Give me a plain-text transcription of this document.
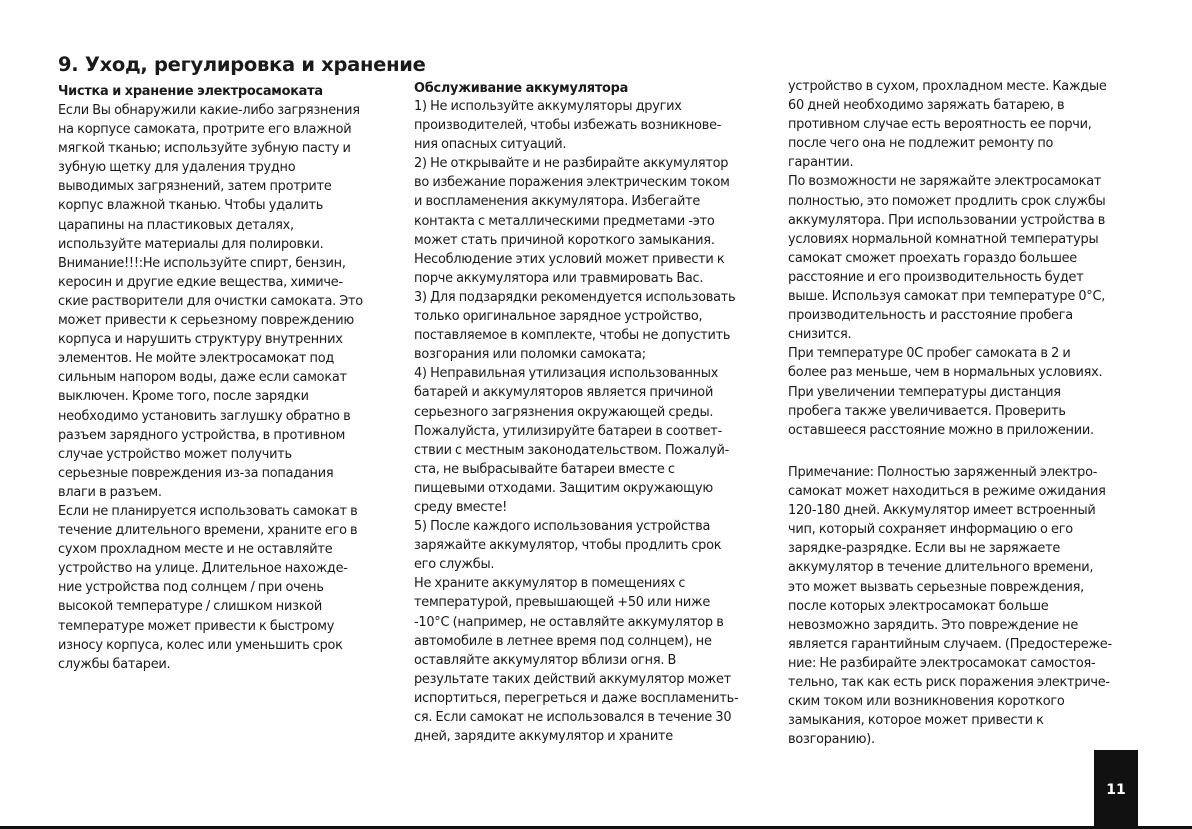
9. Уход, регулировка и хранение
Чистка и хранение электросамоката
Если Вы обнаружили какие-либо загрязнения
на корпусе самоката, протрите его влажной
мягкой тканью; используйте зубную пасту и
зубную щетку для удаления трудно
выводимых загрязнений, затем протрите
корпус влажной тканью. Чтобы удалить
царапины на пластиковых деталях,
используйте материалы для полировки.
Внимание!!!:Не используйте спирт, бензин,
керосин и другие едкие вещества, химиче-
ские растворители для очистки самоката. Это
может привести к серьезному повреждению
корпуса и нарушить структуру внутренних
элементов. Не мойте электросамокат под
сильным напором воды, даже если самокат
выключен. Кроме того, после зарядки
необходимо установить заглушку обратно в
разъем зарядного устройства, в противном
случае устройство может получить
серьезные повреждения из-за попадания
влаги в разъем.
Если не планируется использовать самокат в
течение длительного времени, храните его в
сухом прохладном месте и не оставляйте
устройство на улице. Длительное нахожде-
ние устройства под солнцем / при очень
высокой температуре / слишком низкой
температуре может привести к быстрому
износу корпуса, колес или уменьшить срок
службы батареи.
Обслуживание аккумулятора
1) Не используйте аккумуляторы других
производителей, чтобы избежать возникнове-
ния опасных ситуаций.
2) Не открывайте и не разбирайте аккумулятор
во избежание поражения электрическим током
и воспламенения аккумулятора. Избегайте
контакта с металлическими предметами -это
может стать причиной короткого замыкания.
Несоблюдение этих условий может привести к
порче аккумулятора или травмировать Вас.
3) Для подзарядки рекомендуется использовать
только оригинальное зарядное устройство,
поставляемое в комплекте, чтобы не допустить
возгорания или поломки самоката;
4) Неправильная утилизация использованных
батарей и аккумуляторов является причиной
серьезного загрязнения окружающей среды.
Пожалуйста, утилизируйте батареи в соответ-
ствии с местным законодательством. Пожалуй-
ста, не выбрасывайте батареи вместе с
пищевыми отходами. Защитим окружающую
среду вместе!
5) После каждого использования устройства
заряжайте аккумулятор, чтобы продлить срок
его службы.
Не храните аккумулятор в помещениях с
температурой, превышающей +50 или ниже
-10°C (например, не оставляйте аккумулятор в
автомобиле в летнее время под солнцем), не
оставляйте аккумулятор вблизи огня. В
результате таких действий аккумулятор может
испортиться, перегреться и даже воспламенить-
ся. Если самокат не использовался в течение 30
дней, зарядите аккумулятор и храните
устройство в сухом, прохладном месте. Каждые
60 дней необходимо заряжать батарею, в
противном случае есть вероятность ее порчи,
после чего она не подлежит ремонту по
гарантии.
По возможности не заряжайте электросамокат
полностью, это поможет продлить срок службы
аккумулятора. При использовании устройства в
условиях нормальной комнатной температуры
самокат сможет проехать гораздо большее
расстояние и его производительность будет
выше. Используя самокат при температуре 0°C,
производительность и расстояние пробега
снизится.
При температуре 0C пробег самоката в 2 и
более раз меньше, чем в нормальных условиях.
При увеличении температуры дистанция
пробега также увеличивается. Проверить
оставшееся расстояние можно в приложении.
Примечание: Полностью заряженный электро-
самокат может находиться в режиме ожидания
120-180 дней. Аккумулятор имеет встроенный
чип, который сохраняет информацию о его
зарядке-разрядке. Если вы не заряжаете
аккумулятор в течение длительного времени,
это может вызвать серьезные повреждения,
после которых электросамокат больше
невозможно зарядить. Это повреждение не
является гарантийным случаем. (Предостереже-
ние: Не разбирайте электросамокат самостоя-
тельно, так как есть риск поражения электриче-
ским током или возникновения короткого
замыкания, которое может привести к
возгоранию).
11
